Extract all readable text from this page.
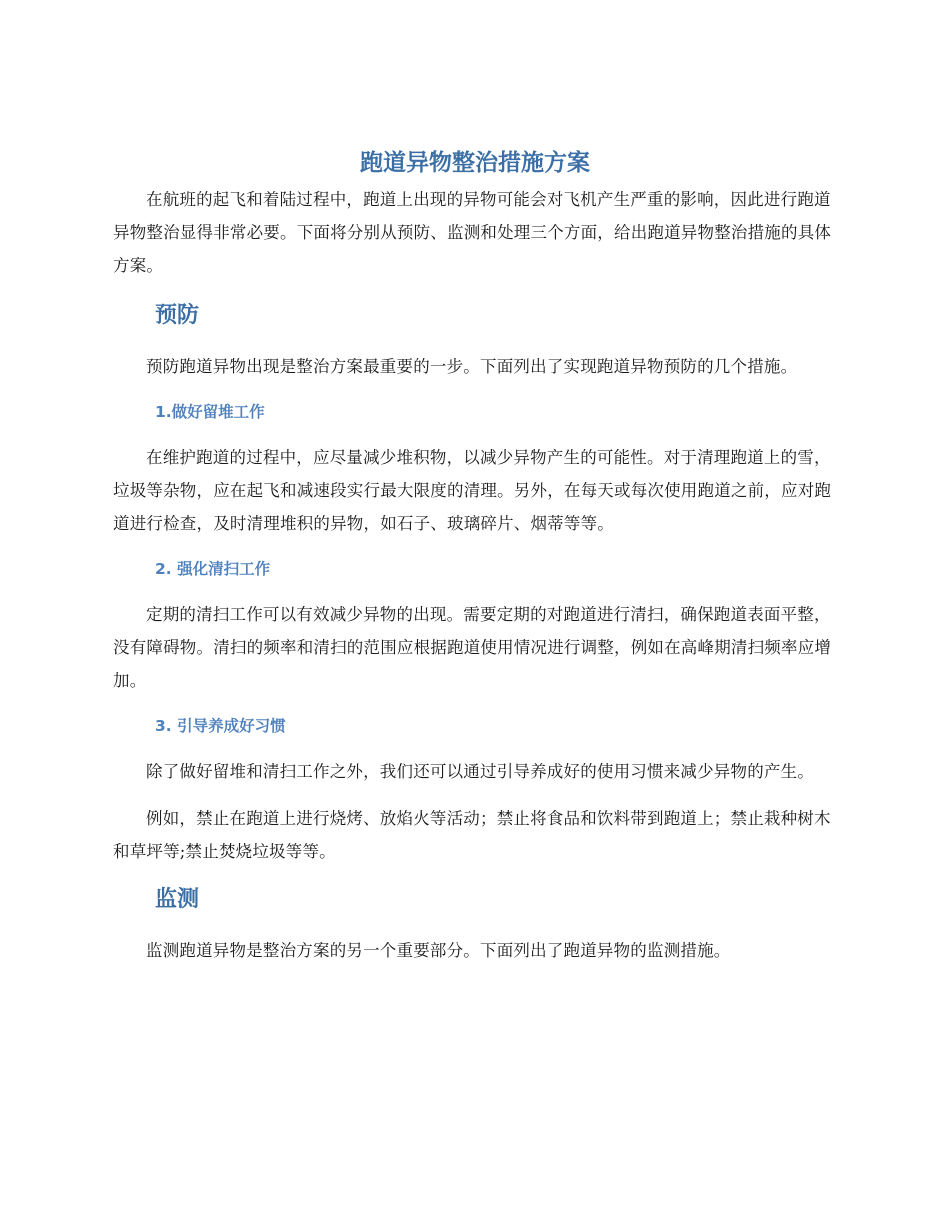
跑道异物整治措施方案

在航班的起飞和着陆过程中，跑道上出现的异物可能会对飞机产生严重的影响，因此进行跑道异物整治显得非常必要。下面将分别从预防、监测和处理三个方面，给出跑道异物整治措施的具体方案。

预防

预防跑道异物出现是整治方案最重要的一步。下面列出了实现跑道异物预防的几个措施。

1.做好留堆工作

在维护跑道的过程中，应尽量减少堆积物，以减少异物产生的可能性。对于清理跑道上的雪，垃圾等杂物，应在起飞和减速段实行最大限度的清理。另外，在每天或每次使用跑道之前，应对跑道进行检查，及时清理堆积的异物，如石子、玻璃碎片、烟蒂等等。

2. 强化清扫工作

定期的清扫工作可以有效减少异物的出现。需要定期的对跑道进行清扫，确保跑道表面平整，没有障碍物。清扫的频率和清扫的范围应根据跑道使用情况进行调整，例如在高峰期清扫频率应增加。

3. 引导养成好习惯

除了做好留堆和清扫工作之外，我们还可以通过引导养成好的使用习惯来减少异物的产生。

例如，禁止在跑道上进行烧烤、放焰火等活动；禁止将食品和饮料带到跑道上；禁止栽种树木和草坪等;禁止焚烧垃圾等等。

监测

监测跑道异物是整治方案的另一个重要部分。下面列出了跑道异物的监测措施。
